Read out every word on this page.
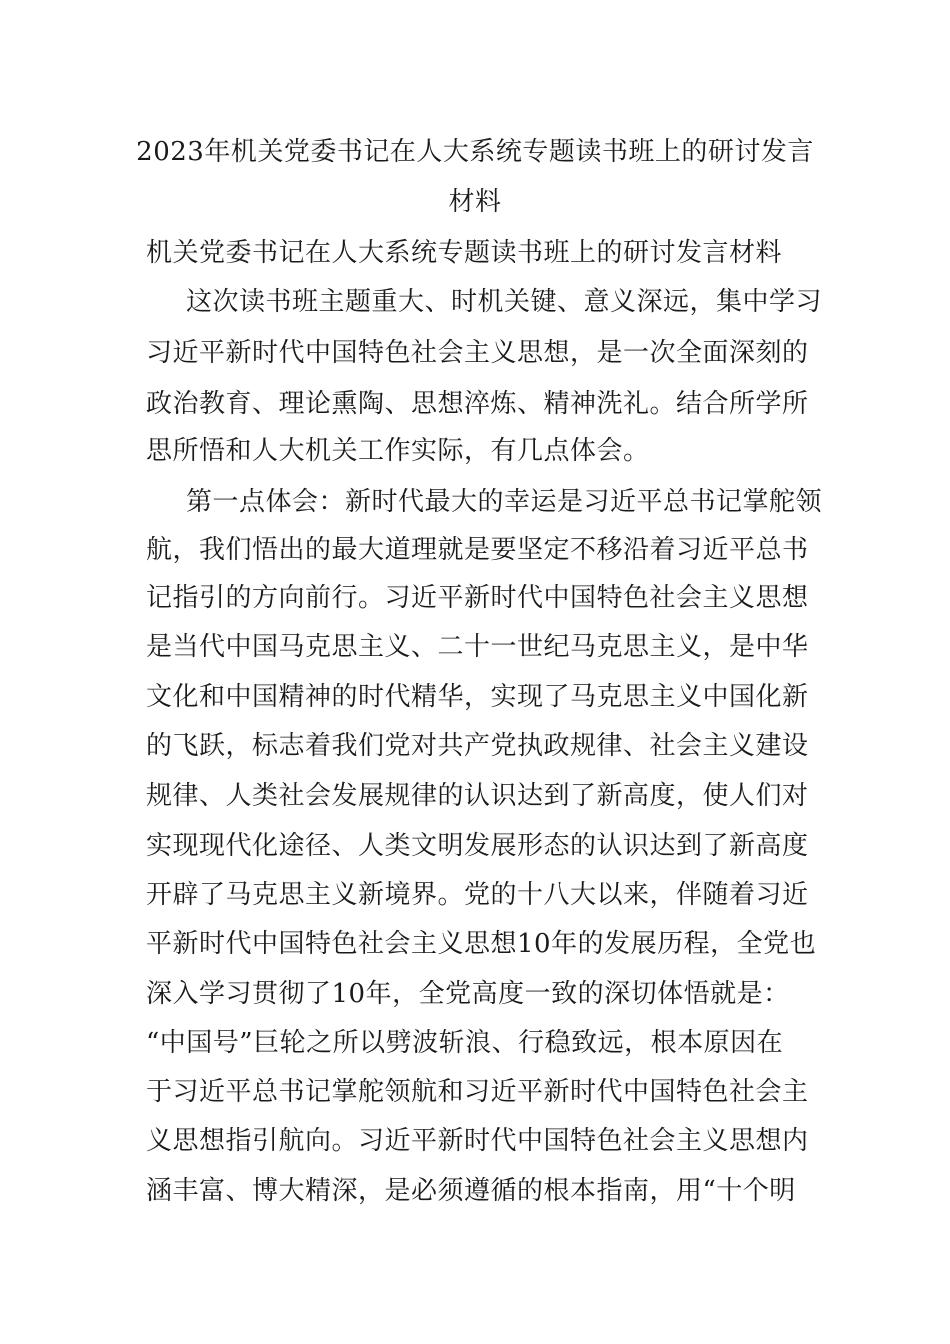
2023年机关党委书记在人大系统专题读书班上的研讨发言
材料
机关党委书记在人大系统专题读书班上的研讨发言材料
这次读书班主题重大、时机关键、意义深远，集中学习
习近平新时代中国特色社会主义思想，是一次全面深刻的
政治教育、理论熏陶、思想淬炼、精神洗礼。结合所学所
思所悟和人大机关工作实际，有几点体会。
第一点体会：新时代最大的幸运是习近平总书记掌舵领
航，我们悟出的最大道理就是要坚定不移沿着习近平总书
记指引的方向前行。习近平新时代中国特色社会主义思想
是当代中国马克思主义、二十一世纪马克思主义，是中华
文化和中国精神的时代精华，实现了马克思主义中国化新
的飞跃，标志着我们党对共产党执政规律、社会主义建设
规律、人类社会发展规律的认识达到了新高度，使人们对
实现现代化途径、人类文明发展形态的认识达到了新高度
开辟了马克思主义新境界。党的十八大以来，伴随着习近
平新时代中国特色社会主义思想10年的发展历程，全党也
深入学习贯彻了10年，全党高度一致的深切体悟就是：
“中国号”巨轮之所以劈波斩浪、行稳致远，根本原因在
于习近平总书记掌舵领航和习近平新时代中国特色社会主
义思想指引航向。习近平新时代中国特色社会主义思想内
涵丰富、博大精深，是必须遵循的根本指南，用“十个明
